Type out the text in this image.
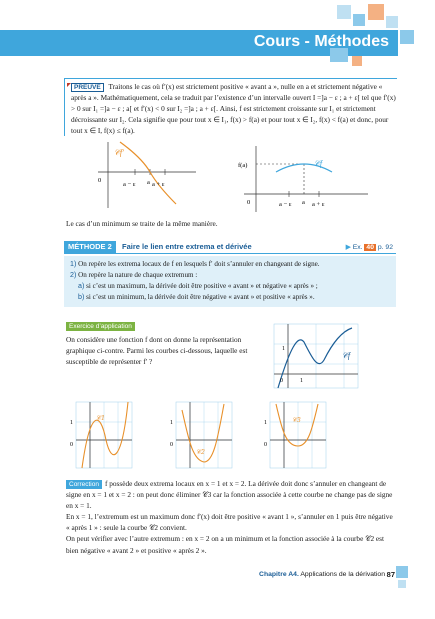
Cours - Méthodes

PREUVE Traitons le cas où f′(x) est strictement positive « avant a », nulle en a et strictement négative « après a ». Mathématiquement, cela se traduit par l’existence d’un intervalle ouvert I =]a − ε ; a + ε[ tel que f′(x) > 0 sur I₁ =]a − ε ; a[ et f′(x) < 0 sur I₂ =]a ; a + ε[. Ainsi, f est strictement croissante sur I₁ et strictement décroissante sur I₂. Cela signifie que pour tout x ∈ I₁, f(x) > f(a) et pour tout x ∈ I₂, f(x) < f(a) et donc, pour tout x ∈ I, f(x) ≤ f(a).

𝒞f′
0
a − ε a a + ε
𝒞f
f(a)
0	a − ε a a + ε

Le cas d’un minimum se traite de la même manière.

MÉTHODE 2	Faire le lien entre extrema et dérivée	▶ Ex. 40 p. 92

1) On repère les extrema locaux de f en lesquels f′ doit s’annuler en changeant de signe.

2) On repère la nature de chaque extremum :

a) si c’est un maximum, la dérivée doit être positive « avant » et négative « après » ;

b) si c’est un minimum, la dérivée doit être négative « avant » et positive « après ».

Exercice d’application

On considère une fonction f dont on donne la représentation graphique ci-contre. Parmi les courbes ci-dessous, laquelle est susceptible de représenter f′ ?

𝒞f
1
0	1
𝒞1
1
0
𝒞2
1
0
𝒞3
1
0

Correction f possède deux extrema locaux en x = 1 et x = 2. La dérivée doit donc s’annuler en changeant de signe en x = 1 et x = 2 : on peut donc éliminer 𝒞3 car la fonction associée à cette courbe ne change pas de signe en x = 1.

En x = 1, l’extremum est un maximum donc f′(x) doit être positive « avant 1 », s’annuler en 1 puis être négative « après 1 » : seule la courbe 𝒞2 convient.

On peut vérifier avec l’autre extremum : en x = 2 on a un minimum et la fonction associée à la courbe 𝒞2 est bien négative « avant 2 » et positive « après 2 ».

Chapitre A4. Applications de la dérivation 87
